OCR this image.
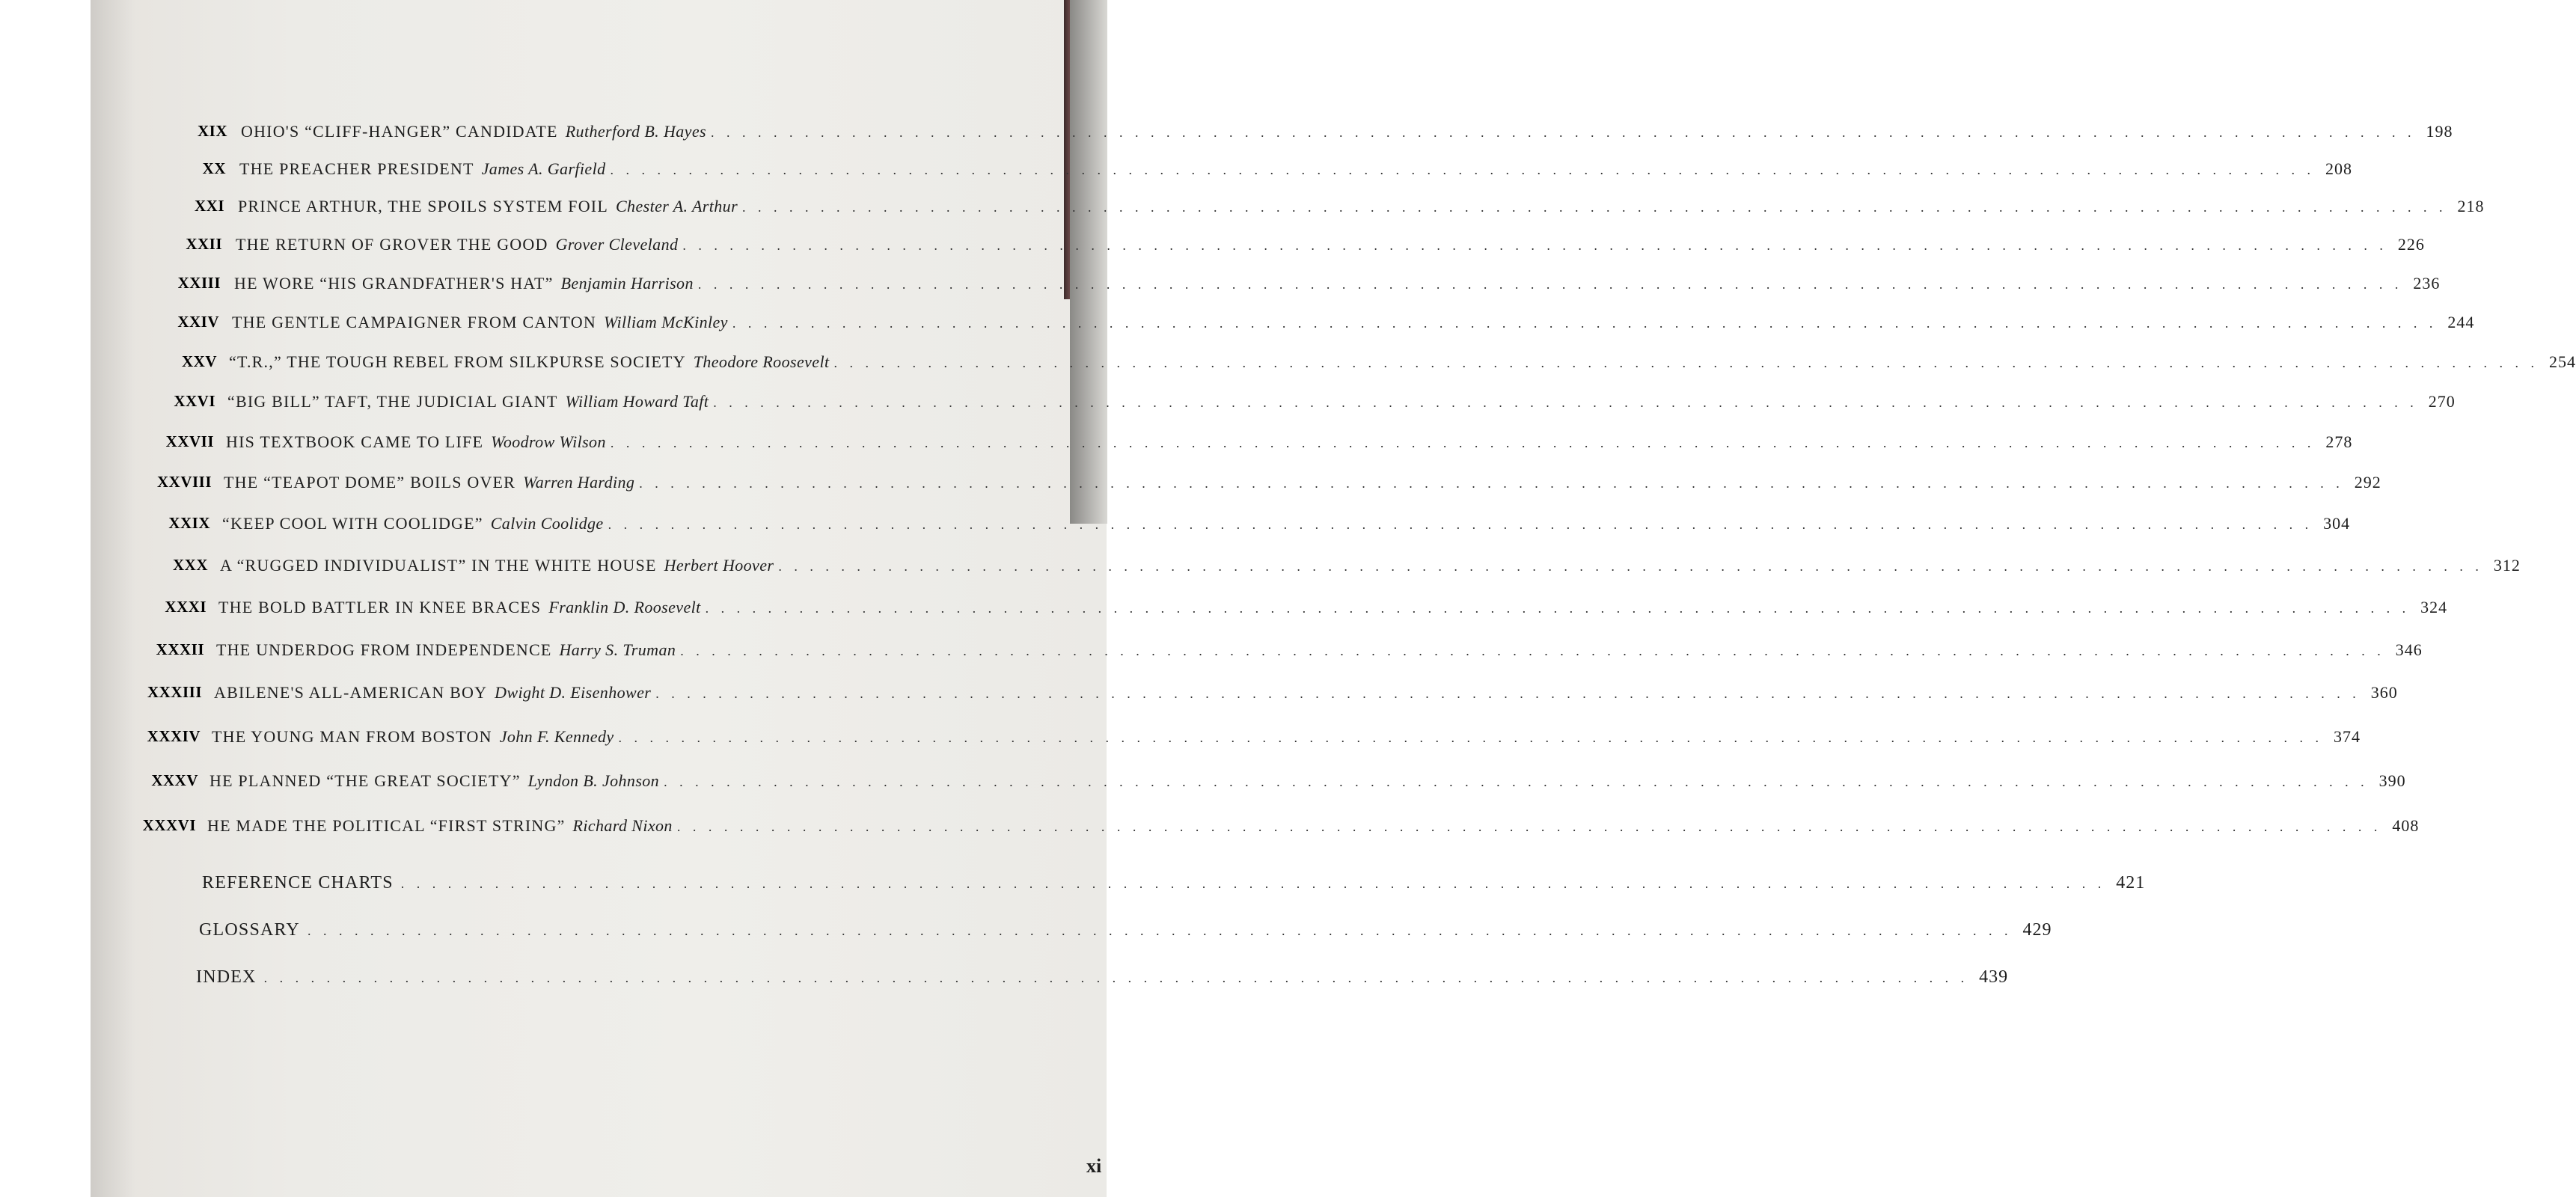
XIX OHIO'S “CLIFF-HANGER” CANDIDATE Rutherford B. Hayes . . . . . . . . . . . . . . . . . . . . . . . . . . . . . . . . . . . . . . . . . . . . . . . . . . . . . . . . . . . . . . . . . . . . . . . . . . . . . . . . . . . . . . . . . . . . . . . . . . . . . . . . . . . . . 198
XX THE PREACHER PRESIDENT James A. Garfield . . . . . . . . . . . . . . . . . . . . . . . . . . . . . . . . . . . . . . . . . . . . . . . . . . . . . . . . . . . . . . . . . . . . . . . . . . . . . . . . . . . . . . . . . . . . . . . . . . . . . . . . . . . . . 208
XXI PRINCE ARTHUR, THE SPOILS SYSTEM FOIL Chester A. Arthur . . . . . . . . . . . . . . . . . . . . . . . . . . . . . . . . . . . . . . . . . . . . . . . . . . . . . . . . . . . . . . . . . . . . . . . . . . . . . . . . . . . . . . . . . . . . . . . . . . . . . . . . . . . . . 218
XXII THE RETURN OF GROVER THE GOOD Grover Cleveland . . . . . . . . . . . . . . . . . . . . . . . . . . . . . . . . . . . . . . . . . . . . . . . . . . . . . . . . . . . . . . . . . . . . . . . . . . . . . . . . . . . . . . . . . . . . . . . . . . . . . . . . . . . . . 226
XXIII HE WORE “HIS GRANDFATHER'S HAT” Benjamin Harrison . . . . . . . . . . . . . . . . . . . . . . . . . . . . . . . . . . . . . . . . . . . . . . . . . . . . . . . . . . . . . . . . . . . . . . . . . . . . . . . . . . . . . . . . . . . . . . . . . . . . . . . . . . . . . 236
XXIV THE GENTLE CAMPAIGNER FROM CANTON William McKinley . . . . . . . . . . . . . . . . . . . . . . . . . . . . . . . . . . . . . . . . . . . . . . . . . . . . . . . . . . . . . . . . . . . . . . . . . . . . . . . . . . . . . . . . . . . . . . . . . . . . . . . . . . . . . 244
XXV “T.R.,” THE TOUGH REBEL FROM SILKPURSE SOCIETY Theodore Roosevelt . . . . . . . . . . . . . . . . . . . . . . . . . . . . . . . . . . . . . . . . . . . . . . . . . . . . . . . . . . . . . . . . . . . . . . . . . . . . . . . . . . . . . . . . . . . . . . . . . . . . . . . . . . . . . 254
XXVI “BIG BILL” TAFT, THE JUDICIAL GIANT William Howard Taft . . . . . . . . . . . . . . . . . . . . . . . . . . . . . . . . . . . . . . . . . . . . . . . . . . . . . . . . . . . . . . . . . . . . . . . . . . . . . . . . . . . . . . . . . . . . . . . . . . . . . . . . . . . . . 270
XXVII HIS TEXTBOOK CAME TO LIFE Woodrow Wilson . . . . . . . . . . . . . . . . . . . . . . . . . . . . . . . . . . . . . . . . . . . . . . . . . . . . . . . . . . . . . . . . . . . . . . . . . . . . . . . . . . . . . . . . . . . . . . . . . . . . . . . . . . . . . 278
XXVIII THE “TEAPOT DOME” BOILS OVER Warren Harding . . . . . . . . . . . . . . . . . . . . . . . . . . . . . . . . . . . . . . . . . . . . . . . . . . . . . . . . . . . . . . . . . . . . . . . . . . . . . . . . . . . . . . . . . . . . . . . . . . . . . . . . . . . . . 292
XXIX “KEEP COOL WITH COOLIDGE” Calvin Coolidge . . . . . . . . . . . . . . . . . . . . . . . . . . . . . . . . . . . . . . . . . . . . . . . . . . . . . . . . . . . . . . . . . . . . . . . . . . . . . . . . . . . . . . . . . . . . . . . . . . . . . . . . . . . . . 304
XXX A “RUGGED INDIVIDUALIST” IN THE WHITE HOUSE Herbert Hoover . . . . . . . . . . . . . . . . . . . . . . . . . . . . . . . . . . . . . . . . . . . . . . . . . . . . . . . . . . . . . . . . . . . . . . . . . . . . . . . . . . . . . . . . . . . . . . . . . . . . . . . . . . . . . 312
XXXI THE BOLD BATTLER IN KNEE BRACES Franklin D. Roosevelt . . . . . . . . . . . . . . . . . . . . . . . . . . . . . . . . . . . . . . . . . . . . . . . . . . . . . . . . . . . . . . . . . . . . . . . . . . . . . . . . . . . . . . . . . . . . . . . . . . . . . . . . . . . . . 324
XXXII THE UNDERDOG FROM INDEPENDENCE Harry S. Truman . . . . . . . . . . . . . . . . . . . . . . . . . . . . . . . . . . . . . . . . . . . . . . . . . . . . . . . . . . . . . . . . . . . . . . . . . . . . . . . . . . . . . . . . . . . . . . . . . . . . . . . . . . . . . 346
XXXIII ABILENE'S ALL-AMERICAN BOY Dwight D. Eisenhower . . . . . . . . . . . . . . . . . . . . . . . . . . . . . . . . . . . . . . . . . . . . . . . . . . . . . . . . . . . . . . . . . . . . . . . . . . . . . . . . . . . . . . . . . . . . . . . . . . . . . . . . . . . . . 360
XXXIV THE YOUNG MAN FROM BOSTON John F. Kennedy . . . . . . . . . . . . . . . . . . . . . . . . . . . . . . . . . . . . . . . . . . . . . . . . . . . . . . . . . . . . . . . . . . . . . . . . . . . . . . . . . . . . . . . . . . . . . . . . . . . . . . . . . . . . . 374
XXXV HE PLANNED “THE GREAT SOCIETY” Lyndon B. Johnson . . . . . . . . . . . . . . . . . . . . . . . . . . . . . . . . . . . . . . . . . . . . . . . . . . . . . . . . . . . . . . . . . . . . . . . . . . . . . . . . . . . . . . . . . . . . . . . . . . . . . . . . . . . . . 390
XXXVI HE MADE THE POLITICAL “FIRST STRING” Richard Nixon . . . . . . . . . . . . . . . . . . . . . . . . . . . . . . . . . . . . . . . . . . . . . . . . . . . . . . . . . . . . . . . . . . . . . . . . . . . . . . . . . . . . . . . . . . . . . . . . . . . . . . . . . . . . . 408
REFERENCE CHARTS . . . . . . . . . . . . . . . . . . . . . . . . . . . . . . . . . . . . . . . . . . . . . . . . . . . . . . . . . . . . . . . . . . . . . . . . . . . . . . . . . . . . . . . . . . . . . . . . . . . . . . . . . . . . . 421
GLOSSARY . . . . . . . . . . . . . . . . . . . . . . . . . . . . . . . . . . . . . . . . . . . . . . . . . . . . . . . . . . . . . . . . . . . . . . . . . . . . . . . . . . . . . . . . . . . . . . . . . . . . . . . . . . . . . 429
INDEX . . . . . . . . . . . . . . . . . . . . . . . . . . . . . . . . . . . . . . . . . . . . . . . . . . . . . . . . . . . . . . . . . . . . . . . . . . . . . . . . . . . . . . . . . . . . . . . . . . . . . . . . . . . . . 439
xi
